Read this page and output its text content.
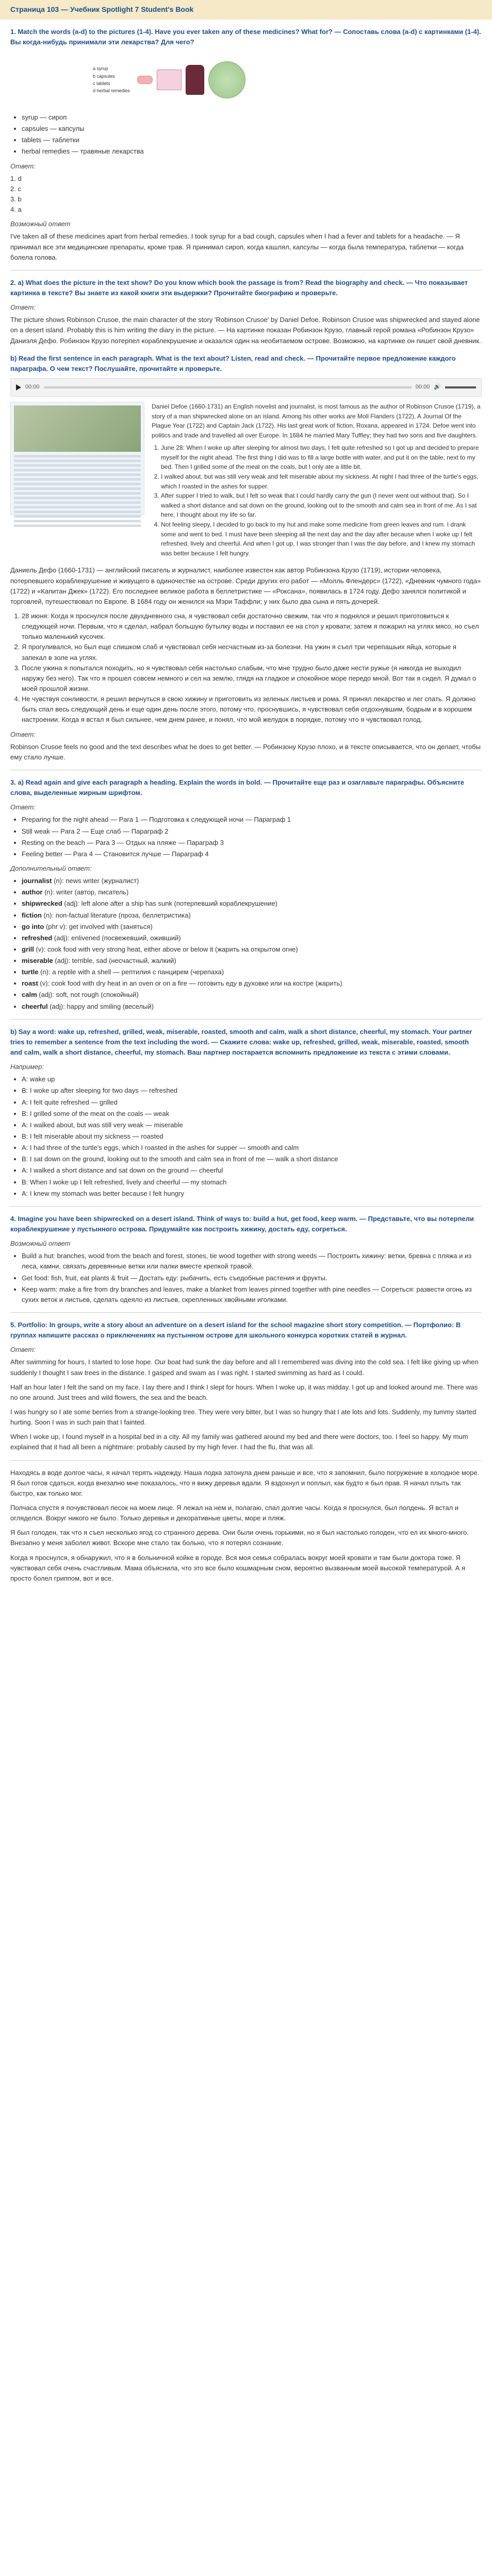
Страница 103 — Учебник Spotlight 7 Student's Book
1. Match the words (a-d) to the pictures (1-4). Have you ever taken any of these medicines? What for? — Сопоставь слова (a-d) с картинками (1-4). Вы когда-нибудь принимали эти лекарства? Для чего?
a syrup
b capsules
c tablets
d herbal remedies
• syrup — сироп
• capsules — капсулы
• tablets — таблетки
• herbal remedies — травяные лекарства
Ответ:
1. d
2. c
3. b
4. a
Возможный ответ

I've taken all of these medicines apart from herbal remedies. I took syrup for a bad cough, capsules when I had a fever and tablets for a headache. — Я принимал все эти медицинские препараты, кроме трав. Я принимал сироп, когда кашлял, капсулы — когда была температура, таблетки — когда болела голова.

2. a) What does the picture in the text show? Do you know which book the passage is from? Read the biography and check. — Что показывает картинка в тексте? Вы знаете из какой книги эти выдержки? Прочитайте биографию и проверьте.
Ответ:

The picture shows Robinson Crusoe, the main character of the story 'Robinson Crusoe' by Daniel Defoe. Robinson Crusoe was shipwrecked and stayed alone on a desert island. Probably this is him writing the diary in the picture. — На картинке показан Робинзон Крузо, главный герой романа «Робинзон Крузо» Даниэля Дефо. Робинзон Крузо потерпел кораблекрушение и оказался один на необитаемом острове. Возможно, на картинке он пишет свой дневник.

b) Read the first sentence in each paragraph. What is the text about? Listen, read and check. — Прочитайте первое предложение каждого параграфа. О чем текст? Послушайте, прочитайте и проверьте.
00:00	00:00 🔊
Daniel Defoe (1660-1731) an English novelist and journalist, is most famous as the author of Robinson Crusoe (1719), a story of a man shipwrecked alone on an island. Among his other works are Moll Flanders (1722), A Journal Of the Plague Year (1722) and Captain Jack (1722). His last great work of fiction, Roxana, appeared in 1724. Defoe went into politics and trade and travelled all over Europe. In 1684 he married Mary Tuffley; they had two sons and five daughters.
1. June 28: When I woke up after sleeping for almost two days, I felt quite refreshed so I got up and decided to prepare myself for the night ahead. The first thing I did was to fill a large bottle with water, and put it on the table, next to my bed. Then I grilled some of the meat on the coals, but I only ate a little bit.
2. I walked about, but was still very weak and felt miserable about my sickness. At night I had three of the turtle's eggs, which I roasted in the ashes for supper.
3. After supper I tried to walk, but I felt so weak that I could hardly carry the gun (I never went out without that). So I walked a short distance and sat down on the ground, looking out to the smooth and calm sea in front of me. As I sat here, I thought about my life so far.
4. Not feeling sleepy, I decided to go back to my hut and make some medicine from green leaves and rum. I drank some and went to bed. I must have been sleeping all the next day and the day after because when I woke up I felt refreshed, lively and cheerful. And when I got up, I was stronger than I was the day before, and I knew my stomach was better because I felt hungry.

Даниель Дефо (1660-1731) — английский писатель и журналист, наиболее известен как автор Робинзона Крузо (1719), истории человека, потерпевшего кораблекрушение и живущего в одиночестве на острове. Среди других его работ — «Молль Флендерс» (1722), «Дневник чумного года» (1722) и «Капитан Джек» (1722). Его последнее великое работа в беллетристике — «Роксана», появилась в 1724 году. Дефо занялся политикой и торговлей, путешествовал по Европе. В 1684 году он женился на Мэри Таффли; у них было два сына и пять дочерей.

1. 28 июня: Когда я проснулся после двухдневного сна, я чувствовал себя достаточно свежим, так что я поднялся и решил приготовиться к следующей ночи. Первым, что я сделал, набрал большую бутылку воды и поставил ее на стол у кровати; затем я пожарил на углях мясо, но съел только маленький кусочек.
2. Я прогуливался, но был еще слишком слаб и чувствовал себя несчастным из-за болезни. На ужин я съел три черепашьих яйца, которые я запекал в золе на углях.
3. После ужина я попытался походить, но я чувствовал себя настолько слабым, что мне трудно было даже нести ружье (я никогда не выходил наружу без него). Так что я прошел совсем немного и сел на землю, глядя на гладкое и спокойное море передо мной. Вот так я сидел. Я думал о моей прошлой жизни.
4. Не чувствуя сонливости, я решил вернуться в свою хижину и приготовить из зеленых листьев и рома. Я принял лекарство и лег спать. Я должно быть спал весь следующий день и еще один день после этого, потому что, проснувшись, я чувствовал себя отдохнувшим, бодрым и в хорошем настроении. Когда я встал я был сильнее, чем днем ранее, и понял, что мой желудок в порядке, потому что я чувствовал голод.
Ответ:

Robinson Crusoe feels no good and the text describes what he does to get better. — Робинзону Крузо плохо, и в тексте описывается, что он делает, чтобы ему стало лучше.

3. a) Read again and give each paragraph a heading. Explain the words in bold. — Прочитайте еще раз и озаглавьте параграфы. Объясните слова, выделенные жирным шрифтом.
Ответ:
• Preparing for the night ahead — Para 1 — Подготовка к следующей ночи — Параграф 1
• Still weak — Para 2 — Еще слаб — Параграф 2
• Resting on the beach — Para 3 — Отдых на пляже — Параграф 3
• Feeling better — Para 4 — Становится лучше — Параграф 4
Дополнительный ответ:
• journalist (n): news writer (журналист)
• author (n): writer (автор, писатель)
• shipwrecked (adj): left alone after a ship has sunk (потерпевший кораблекрушение)
• fiction (n): non-factual literature (проза, беллетристика)
• go into (phr v): get involved with (заняться)
• refreshed (adj): enlivened (посвежевший, оживший)
• grill (v): cook food with very strong heat, either above or below it (жарить на открытом огне)
• miserable (adj): terrible, sad (несчастный, жалкий)
• turtle (n): a reptile with a shell — рептилия с панцирем (черепаха)
• roast (v): cook food with dry heat in an oven or on a fire — готовить еду в духовке или на костре (жарить)
• calm (adj): soft, not rough (спокойный)
• cheerful (adj): happy and smiling (веселый)
b) Say a word: wake up, refreshed, grilled, weak, miserable, roasted, smooth and calm, walk a short distance, cheerful, my stomach. Your partner tries to remember a sentence from the text including the word. — Скажите слова: wake up, refreshed, grilled, weak, miserable, roasted, smooth and calm, walk a short distance, cheerful, my stomach. Ваш партнер постарается вспомнить предложение из текста с этими словами.
Например:
• A: wake up
• B: I woke up after sleeping for two days — refreshed
• A: I felt quite refreshed — grilled
• B: I grilled some of the meat on the coals — weak
• A: I walked about, but was still very weak — miserable
• B: I felt miserable about my sickness — roasted
• A: I had three of the turtle's eggs, which I roasted in the ashes for supper — smooth and calm
• B: I sat down on the ground, looking out to the smooth and calm sea in front of me — walk a short distance
• A: I walked a short distance and sat down on the ground — cheerful
• B: When I woke up I felt refreshed, lively and cheerful — my stomach
• A: I knew my stomach was better because I felt hungry
4. Imagine you have been shipwrecked on a desert island. Think of ways to: build a hut, get food, keep warm. — Представьте, что вы потерпели кораблекрушение у пустынного острова. Придумайте как построить хижину, достать еду, согреться.
Возможный ответ
• Build a hut: branches, wood from the beach and forest, stones, tie wood together with strong weeds — Построить хижину: ветки, бревна с пляжа и из леса, камни, связать деревянные ветки или палки вместе крепкой травой.
• Get food: fish, fruit, eat plants & fruit — Достать еду: рыбачить, есть съедобные растения и фрукты.
• Keep warm: make a fire from dry branches and leaves, make a blanket from leaves pinned together with pine needles — Согреться: развести огонь из сухих веток и листьев, сделать одеяло из листьев, скрепленных хвойными иголками.
5. Portfolio: In groups, write a story about an adventure on a desert island for the school magazine short story competition. — Портфолио: В группах напишите рассказ о приключениях на пустынном острове для школьного конкурса коротких статей в журнал.
Ответ:

After swimming for hours, I started to lose hope. Our boat had sunk the day before and all I remembered was diving into the cold sea. I felt like giving up when suddenly I thought I saw trees in the distance. I gasped and swam as I was right. I started swimming as hard as I could.

Half an hour later I felt the sand on my face. I lay there and I think I slept for hours. When I woke up, it was midday. I got up and looked around me. There was no one around. Just trees and wild flowers, the sea and the beach.

I was hungry so I ate some berries from a strange-looking tree. They were very bitter, but I was so hungry that I ate lots and lots. Suddenly, my tummy started hurting. Soon I was in such pain that I fainted.

When I woke up, I found myself in a hospital bed in a city. All my family was gathered around my bed and there were doctors, too. I feel so happy. My mum explained that it had all been a nightmare: probably caused by my high fever. I had the flu, that was all.

Находясь в воде долгое часы, я начал терять надежду. Наша лодка затонула днем раньше и все, что я запомнил, было погружение в холодное море. Я был готов сдаться, когда внезапно мне показалось, что я вижу деревья вдали. Я вздохнул и поплыл, как будто я был прав. Я начал плыть так быстро, как только мог.

Полчаса спустя я почувствовал песок на моем лице. Я лежал на нем и, полагаю, спал долгие часы. Когда я проснулся, был полдень. Я встал и огляделся. Вокруг никого не было. Только деревья и декоративные цветы, море и пляж.

Я был голоден, так что я съел несколько ягод со странного дерева. Они были очень горькими, но я был настолько голоден, что ел их много-много. Внезапно у меня заболел живот. Вскоре мне стало так больно, что я потерял сознание.

Когда я проснулся, я обнаружил, что я в больничной койке в городе. Вся моя семья собралась вокруг моей кровати и там были доктора тоже. Я чувствовал себя очень счастливым. Мама объяснила, что это все было кошмарным сном, вероятно вызванным моей высокой температурой. А я просто болел гриппом, вот и все.
